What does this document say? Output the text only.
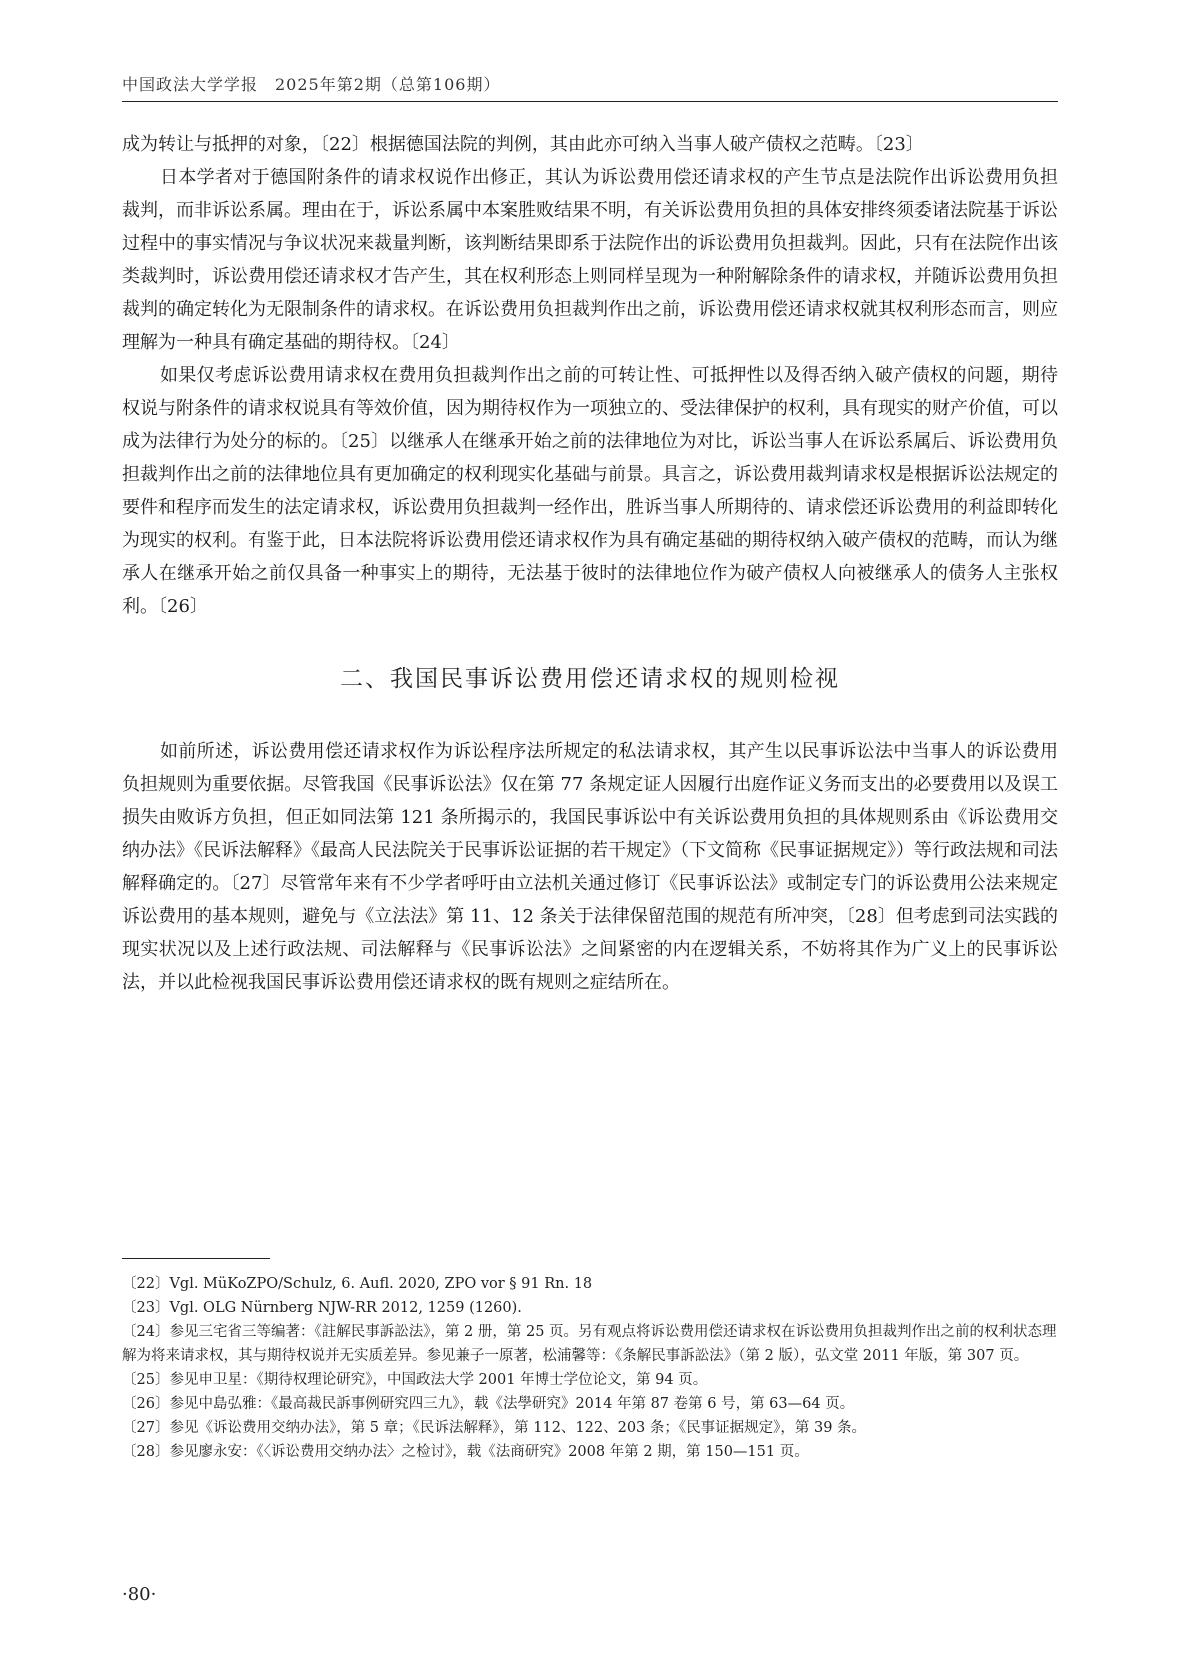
中国政法大学学报　2025年第2期（总第106期）

成为转让与抵押的对象，〔22〕根据德国法院的判例，其由此亦可纳入当事人破产债权之范畴。〔23〕

日本学者对于德国附条件的请求权说作出修正，其认为诉讼费用偿还请求权的产生节点是法院作出诉讼费用负担裁判，而非诉讼系属。理由在于，诉讼系属中本案胜败结果不明，有关诉讼费用负担的具体安排终须委诸法院基于诉讼过程中的事实情况与争议状况来裁量判断，该判断结果即系于法院作出的诉讼费用负担裁判。因此，只有在法院作出该类裁判时，诉讼费用偿还请求权才告产生，其在权利形态上则同样呈现为一种附解除条件的请求权，并随诉讼费用负担裁判的确定转化为无限制条件的请求权。在诉讼费用负担裁判作出之前，诉讼费用偿还请求权就其权利形态而言，则应理解为一种具有确定基础的期待权。〔24〕

如果仅考虑诉讼费用请求权在费用负担裁判作出之前的可转让性、可抵押性以及得否纳入破产债权的问题，期待权说与附条件的请求权说具有等效价值，因为期待权作为一项独立的、受法律保护的权利，具有现实的财产价值，可以成为法律行为处分的标的。〔25〕以继承人在继承开始之前的法律地位为对比，诉讼当事人在诉讼系属后、诉讼费用负担裁判作出之前的法律地位具有更加确定的权利现实化基础与前景。具言之，诉讼费用裁判请求权是根据诉讼法规定的要件和程序而发生的法定请求权，诉讼费用负担裁判一经作出，胜诉当事人所期待的、请求偿还诉讼费用的利益即转化为现实的权利。有鉴于此，日本法院将诉讼费用偿还请求权作为具有确定基础的期待权纳入破产债权的范畴，而认为继承人在继承开始之前仅具备一种事实上的期待，无法基于彼时的法律地位作为破产债权人向被继承人的债务人主张权利。〔26〕

二、我国民事诉讼费用偿还请求权的规则检视

如前所述，诉讼费用偿还请求权作为诉讼程序法所规定的私法请求权，其产生以民事诉讼法中当事人的诉讼费用负担规则为重要依据。尽管我国《民事诉讼法》仅在第 77 条规定证人因履行出庭作证义务而支出的必要费用以及误工损失由败诉方负担，但正如同法第 121 条所揭示的，我国民事诉讼中有关诉讼费用负担的具体规则系由《诉讼费用交纳办法》《民诉法解释》《最高人民法院关于民事诉讼证据的若干规定》（下文简称《民事证据规定》）等行政法规和司法解释确定的。〔27〕尽管常年来有不少学者呼吁由立法机关通过修订《民事诉讼法》或制定专门的诉讼费用公法来规定诉讼费用的基本规则，避免与《立法法》第 11、12 条关于法律保留范围的规范有所冲突，〔28〕但考虑到司法实践的现实状况以及上述行政法规、司法解释与《民事诉讼法》之间紧密的内在逻辑关系，不妨将其作为广义上的民事诉讼法，并以此检视我国民事诉讼费用偿还请求权的既有规则之症结所在。

〔22〕Vgl. MüKoZPO/Schulz, 6. Aufl. 2020, ZPO vor § 91 Rn. 18

〔23〕Vgl. OLG Nürnberg NJW-RR 2012, 1259 (1260).

〔24〕参见三宅省三等编著：《註解民事訴訟法》，第 2 册，第 25 页。另有观点将诉讼费用偿还请求权在诉讼费用负担裁判作出之前的权利状态理解为将来请求权，其与期待权说并无实质差异。参见兼子一原著，松浦馨等：《条解民事訴訟法》（第 2 版），弘文堂 2011 年版，第 307 页。

〔25〕参见申卫星：《期待权理论研究》，中国政法大学 2001 年博士学位论文，第 94 页。

〔26〕参见中島弘雅：《最高裁民訴事例研究四三九》，载《法學研究》2014 年第 87 卷第 6 号，第 63—64 页。

〔27〕参见《诉讼费用交纳办法》，第 5 章；《民诉法解释》，第 112、122、203 条；《民事证据规定》，第 39 条。

〔28〕参见廖永安：《〈诉讼费用交纳办法〉之检讨》，载《法商研究》2008 年第 2 期，第 150—151 页。

·80·
